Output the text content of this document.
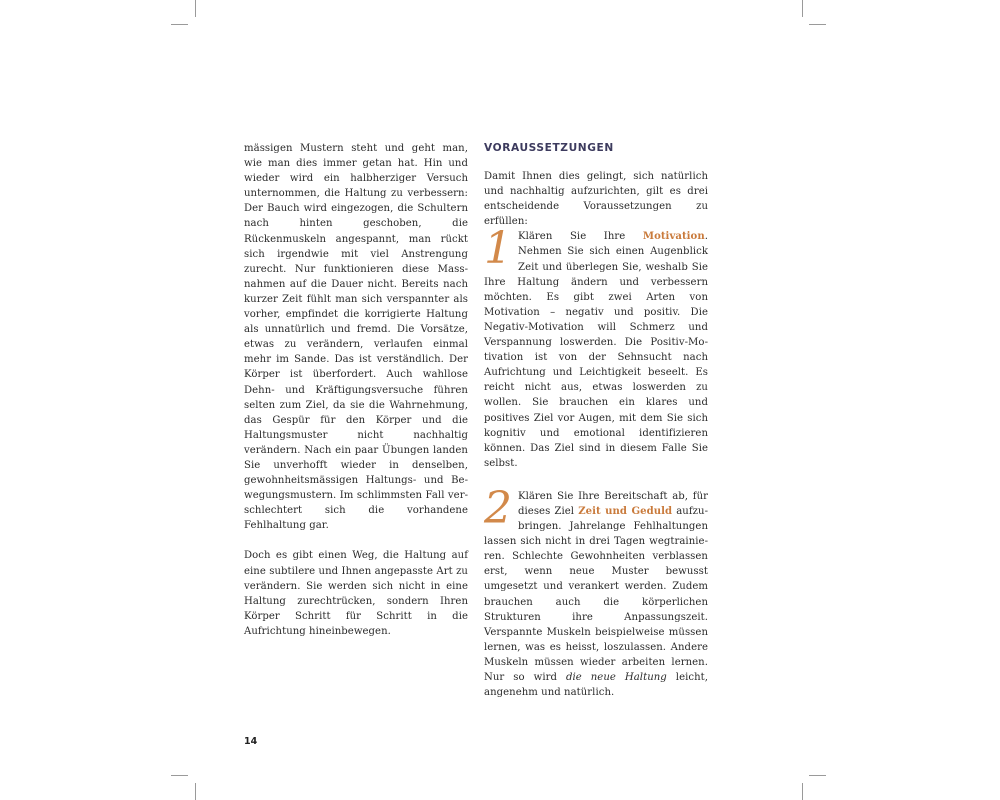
mässigen Mustern steht und geht man, wie man dies immer getan hat. Hin und wieder wird ein halbherziger Versuch unternommen, die Haltung zu verbessern: Der Bauch wird eingezogen, die Schultern nach hinten geschoben, die Rückenmuskeln angespannt, man rückt sich irgendwie mit viel Anstrengung zurecht. Nur funktionieren diese Massnahmen auf die Dauer nicht. Bereits nach kurzer Zeit fühlt man sich verspannter als vorher, empfindet die korrigierte Haltung als unnatürlich und fremd. Die Vorsätze, etwas zu verändern, verlaufen einmal mehr im Sande. Das ist verständlich. Der Körper ist überfordert. Auch wahllose Dehn- und Kräftigungsversuche führen selten zum Ziel, da sie die Wahrnehmung, das Gespür für den Körper und die Haltungsmuster nicht nachhaltig verändern. Nach ein paar Übungen landen Sie unverhofft wieder in denselben, gewohnheitsmässigen Haltungs- und Bewegungsmustern. Im schlimmsten Fall verschlechtert sich die vorhandene Fehlhaltung gar.

Doch es gibt einen Weg, die Haltung auf eine subtilere und Ihnen angepasste Art zu verändern. Sie werden sich nicht in eine Haltung zurechtrücken, sondern Ihren Körper Schritt für Schritt in die Aufrichtung hineinbewegen.

VORAUSSETZUNGEN

Damit Ihnen dies gelingt, sich natürlich und nachhaltig aufzurichten, gilt es drei entscheidende Voraussetzungen zu erfüllen:

1 Klären Sie Ihre Motivation. Nehmen Sie sich einen Augenblick Zeit und überlegen Sie, weshalb Sie Ihre Haltung ändern und verbessern möchten. Es gibt zwei Arten von Motivation – negativ und positiv. Die Negativ-Motivation will Schmerz und Verspannung loswerden. Die Positiv-Motivation ist von der Sehnsucht nach Aufrichtung und Leichtigkeit beseelt. Es reicht nicht aus, etwas loswerden zu wollen. Sie brauchen ein klares und positives Ziel vor Augen, mit dem Sie sich kognitiv und emotional identifizieren können. Das Ziel sind in diesem Falle Sie selbst.

2 Klären Sie Ihre Bereitschaft ab, für dieses Ziel Zeit und Geduld aufzubringen. Jahrelange Fehlhaltungen lassen sich nicht in drei Tagen wegtrainieren. Schlechte Gewohnheiten verblassen erst, wenn neue Muster bewusst umgesetzt und verankert werden. Zudem brauchen auch die körperlichen Strukturen ihre Anpassungszeit. Verspannte Muskeln beispielweise müssen lernen, was es heisst, loszulassen. Andere Muskeln müssen wieder arbeiten lernen. Nur so wird die neue Haltung leicht, angenehm und natürlich.

14
